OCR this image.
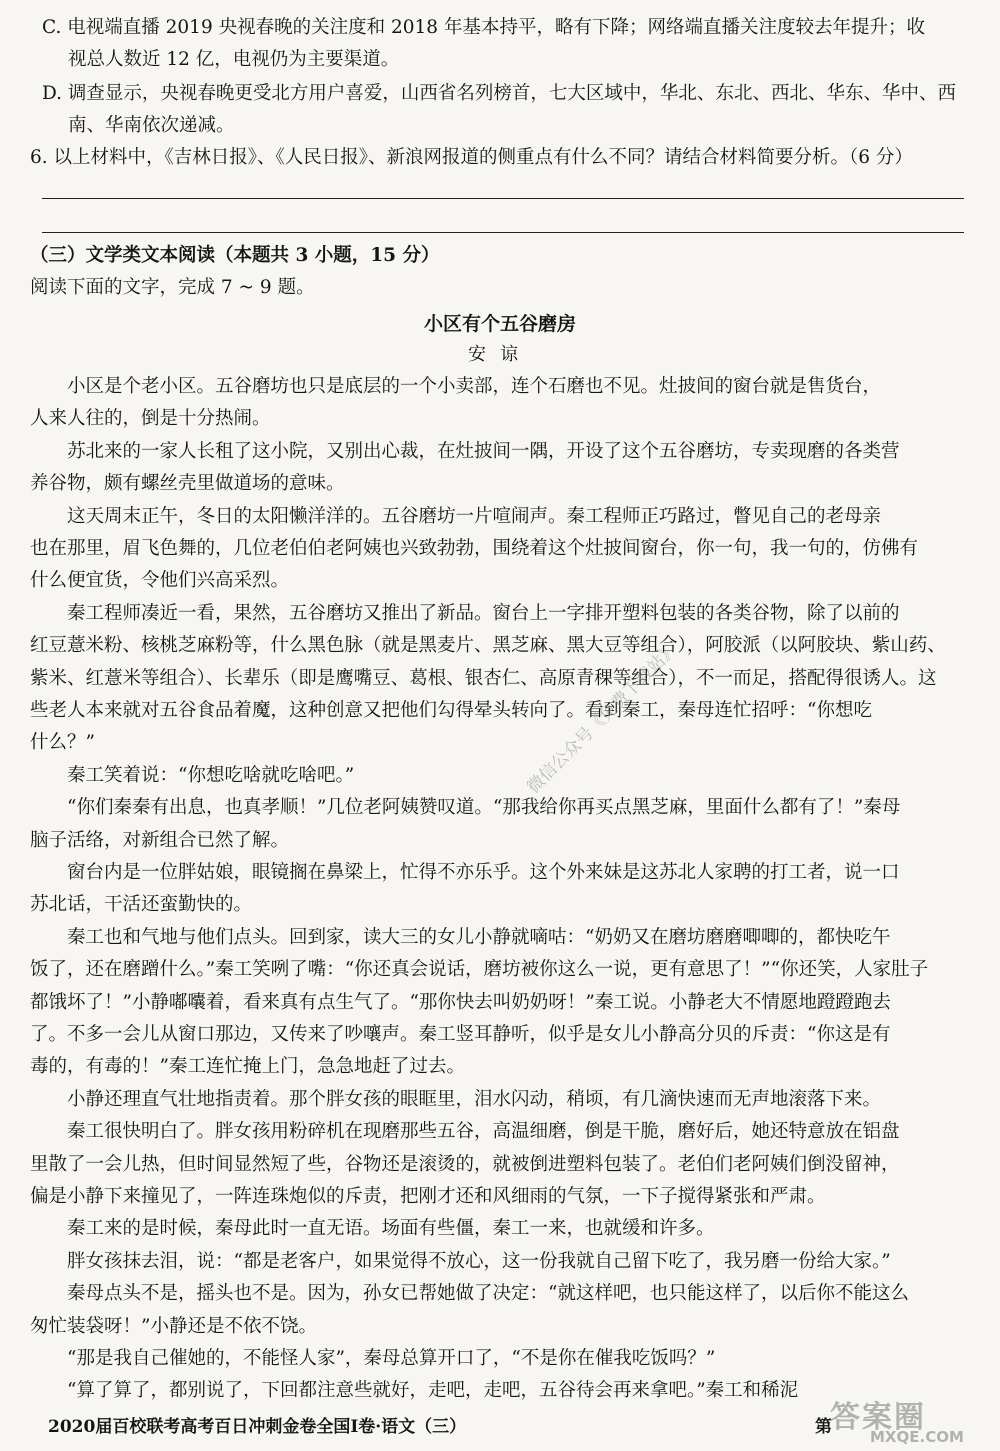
C. 电视端直播 2019 央视春晚的关注度和 2018 年基本持平，略有下降；网络端直播关注度较去年提升；收
视总人数近 12 亿，电视仍为主要渠道。
D. 调查显示，央视春晚更受北方用户喜爱，山西省名列榜首，七大区域中，华北、东北、西北、华东、华中、西
南、华南依次递减。
6. 以上材料中，《吉林日报》、《人民日报》、新浪网报道的侧重点有什么不同？请结合材料简要分析。（6 分）
（三）文学类文本阅读（本题共 3 小题，15 分）
阅读下面的文字，完成 7 ~ 9 题。
小区有个五谷磨房
安谅
小区是个老小区。五谷磨坊也只是底层的一个小卖部，连个石磨也不见。灶披间的窗台就是售货台，
人来人往的，倒是十分热闹。
苏北来的一家人长租了这小院，又别出心裁，在灶披间一隅，开设了这个五谷磨坊，专卖现磨的各类营
养谷物，颇有螺丝壳里做道场的意味。
这天周末正午，冬日的太阳懒洋洋的。五谷磨坊一片喧闹声。秦工程师正巧路过，瞥见自己的老母亲
也在那里，眉飞色舞的，几位老伯伯老阿姨也兴致勃勃，围绕着这个灶披间窗台，你一句，我一句的，仿佛有
什么便宜货，令他们兴高采烈。
秦工程师凑近一看，果然，五谷磨坊又推出了新品。窗台上一字排开塑料包装的各类谷物，除了以前的
红豆薏米粉、核桃芝麻粉等，什么黑色脉（就是黑麦片、黑芝麻、黑大豆等组合），阿胶派（以阿胶块、紫山药、
紫米、红薏米等组合）、长辈乐（即是鹰嘴豆、葛根、银杏仁、高原青稞等组合），不一而足，搭配得很诱人。这
些老人本来就对五谷食品着魔，这种创意又把他们勾得晕头转向了。看到秦工，秦母连忙招呼：“你想吃
什么？”
秦工笑着说：“你想吃啥就吃啥吧。”
“你们秦秦有出息，也真孝顺！”几位老阿姨赞叹道。“那我给你再买点黑芝麻，里面什么都有了！”秦母
脑子活络，对新组合已然了解。
窗台内是一位胖姑娘，眼镜搁在鼻梁上，忙得不亦乐乎。这个外来妹是这苏北人家聘的打工者，说一口
苏北话，干活还蛮勤快的。
秦工也和气地与他们点头。回到家，读大三的女儿小静就嘀咕：“奶奶又在磨坊磨磨唧唧的，都快吃午
饭了，还在磨蹭什么。”秦工笑咧了嘴：“你还真会说话，磨坊被你这么一说，更有意思了！”“你还笑，人家肚子
都饿坏了！”小静嘟囔着，看来真有点生气了。“那你快去叫奶奶呀！”秦工说。小静老大不情愿地蹬蹬跑去
了。不多一会儿从窗口那边，又传来了吵嚷声。秦工竖耳静听，似乎是女儿小静高分贝的斥责：“你这是有
毒的，有毒的！”秦工连忙掩上门，急急地赶了过去。
小静还理直气壮地指责着。那个胖女孩的眼眶里，泪水闪动，稍顷，有几滴快速而无声地滚落下来。
秦工很快明白了。胖女孩用粉碎机在现磨那些五谷，高温细磨，倒是干脆，磨好后，她还特意放在铝盘
里散了一会儿热，但时间显然短了些，谷物还是滚烫的，就被倒进塑料包装了。老伯们老阿姨们倒没留神，
偏是小静下来撞见了，一阵连珠炮似的斥责，把刚才还和风细雨的气氛，一下子搅得紧张和严肃。
秦工来的是时候，秦母此时一直无语。场面有些僵，秦工一来，也就缓和许多。
胖女孩抹去泪，说：“都是老客户，如果觉得不放心，这一份我就自己留下吃了，我另磨一份给大家。”
秦母点头不是，摇头也不是。因为，孙女已帮她做了决定：“就这样吧，也只能这样了，以后你不能这么
匆忙装袋呀！”小静还是不依不饶。
“那是我自己催她的，不能怪人家”，秦母总算开口了，“不是你在催我吃饭吗？”
“算了算了，都别说了，下回都注意些就好，走吧，走吧，五谷待会再来拿吧。”秦工和稀泥
微信公众号《免费下载站》
2020届百校联考高考百日冲刺金卷全国Ⅰ卷·语文（三）	第
答案圈
MXQE.COM
